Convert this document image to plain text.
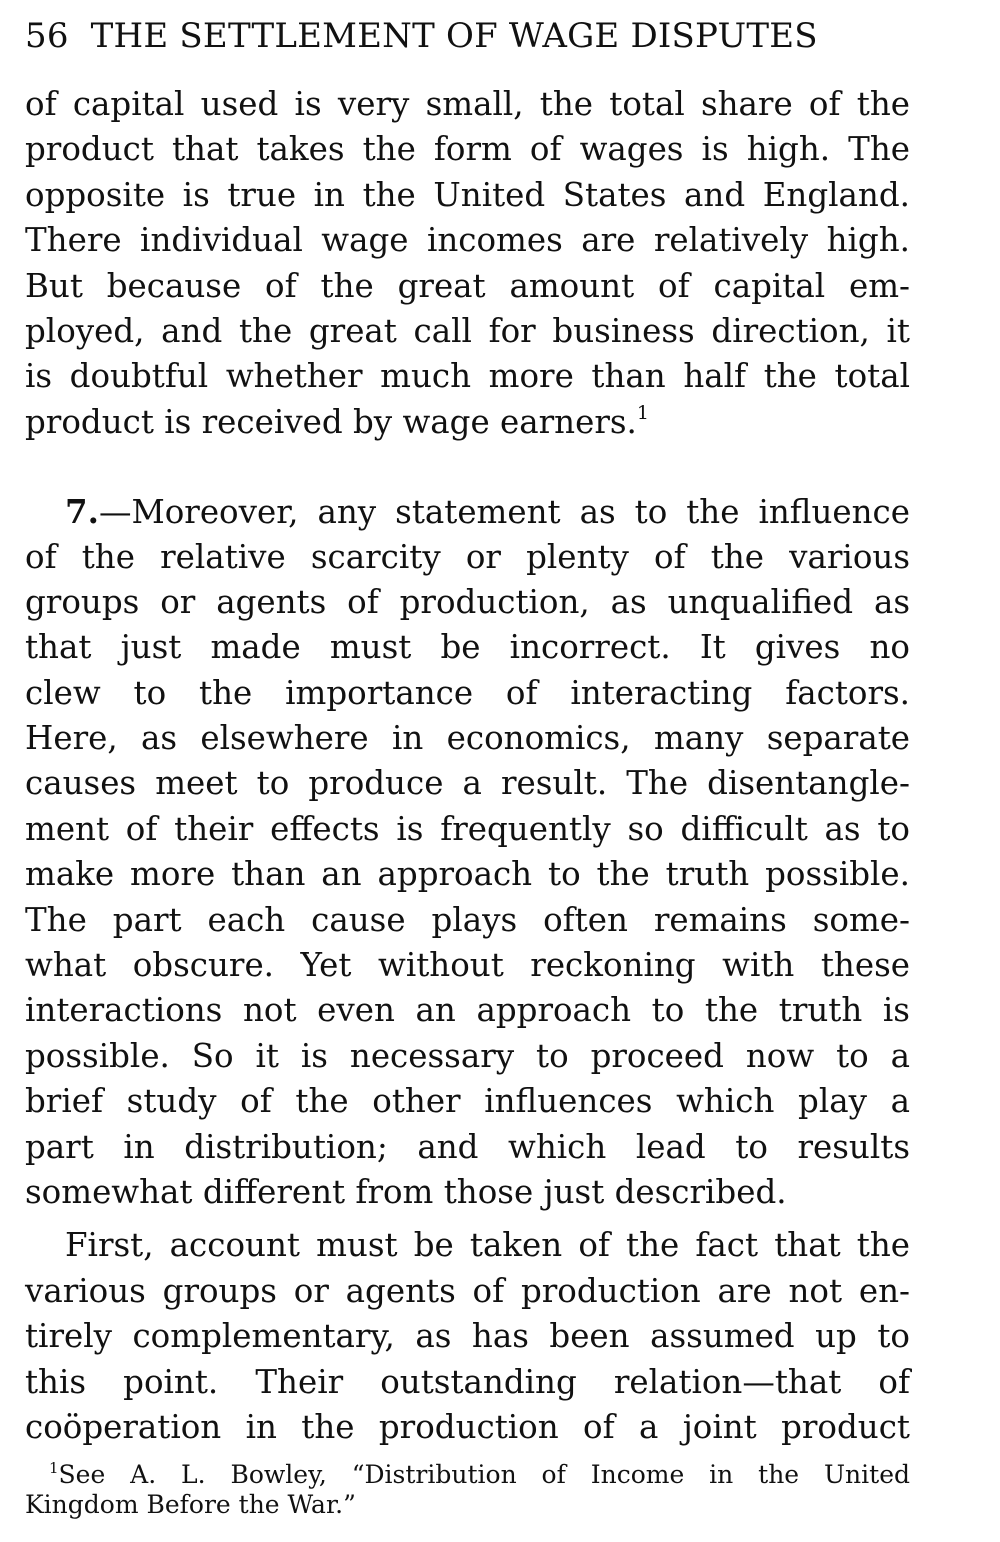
56 THE SETTLEMENT OF WAGE DISPUTES
of capital used is very small, the total share of the
product that takes the form of wages is high. The
opposite is true in the United States and England.
There individual wage incomes are relatively high.
But because of the great amount of capital em-
ployed, and the great call for business direction, it
is doubtful whether much more than half the total
product is received by wage earners.$^1$
7.—Moreover, any statement as to the influence
of the relative scarcity or plenty of the various
groups or agents of production, as unqualified as
that just made must be incorrect. It gives no
clew to the importance of interacting factors.
Here, as elsewhere in economics, many separate
causes meet to produce a result. The disentangle-
ment of their effects is frequently so difficult as to
make more than an approach to the truth possible.
The part each cause plays often remains some-
what obscure. Yet without reckoning with these
interactions not even an approach to the truth is
possible. So it is necessary to proceed now to a
brief study of the other influences which play a
part in distribution; and which lead to results
somewhat different from those just described.
First, account must be taken of the fact that the
various groups or agents of production are not en-
tirely complementary, as has been assumed up to
this point. Their outstanding relation—that of
coöperation in the production of a joint product
$^1$See A. L. Bowley, “Distribution of Income in the United
Kingdom Before the War.”
